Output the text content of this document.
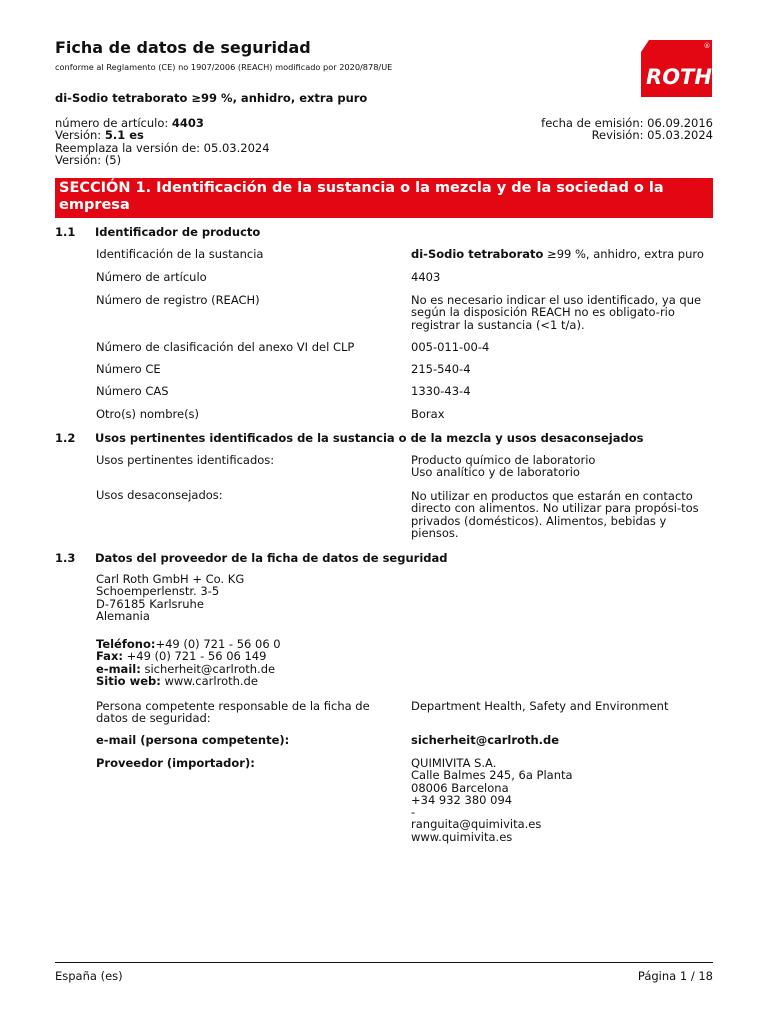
Ficha de datos de seguridad
conforme al Reglamento (CE) no 1907/2006 (REACH) modificado por 2020/878/UE	ROTH
®
di-Sodio tetraborato ≥99 %, anhidro, extra puro
número de artículo: 4403
Versión: 5.1 es
Reemplaza la versión de: 05.03.2024
Versión: (5)
fecha de emisión: 06.09.2016
Revisión: 05.03.2024
SECCIÓN 1. Identificación de la sustancia o la mezcla y de la sociedad o la empresa
1.1 Identificador de producto
Identificación de la sustancia	di-Sodio tetraborato ≥99 %, anhidro, extra puro
Número de artículo	4403
Número de registro (REACH)	No es necesario indicar el uso identificado, ya que según la disposición REACH no es obligato-rio registrar la sustancia (<1 t/a).
Número de clasificación del anexo VI del CLP	005-011-00-4
Número CE	215-540-4
Número CAS	1330-43-4
Otro(s) nombre(s)	Borax
1.2 Usos pertinentes identificados de la sustancia o de la mezcla y usos desaconsejados
Usos pertinentes identificados:	Producto químico de laboratorio
Uso analítico y de laboratorio
Usos desaconsejados:	No utilizar en productos que estarán en contacto directo con alimentos. No utilizar para propósi-tos privados (domésticos). Alimentos, bebidas y piensos.
1.3 Datos del proveedor de la ficha de datos de seguridad
Carl Roth GmbH + Co. KG
Schoemperlenstr. 3-5
D-76185 Karlsruhe
Alemania
Teléfono:+49 (0) 721 - 56 06 0
Fax: +49 (0) 721 - 56 06 149
e-mail: sicherheit@carlroth.de
Sitio web: www.carlroth.de
Persona competente responsable de la ficha de datos de seguridad:
Department Health, Safety and Environment
e-mail (persona competente):	sicherheit@carlroth.de
Proveedor (importador):	QUIMIVITA S.A.
Calle Balmes 245, 6a Planta
08006 Barcelona
+34 932 380 094
-
ranguita@quimivita.es
www.quimivita.es
España (es)	Página 1 / 18
